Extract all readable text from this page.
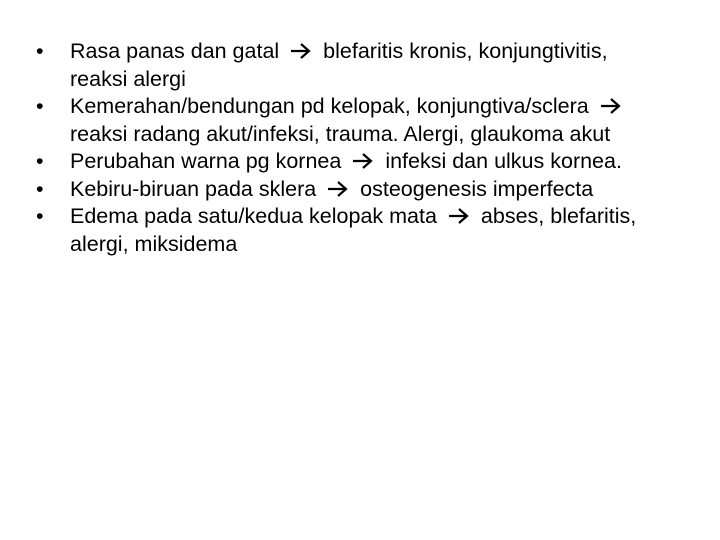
•	Rasa panas dan gatal blefaritis kronis, konjungtivitis, reaksi alergi
•	Kemerahan/bendungan pd kelopak, konjungtiva/sclera
reaksi radang akut/infeksi, trauma. Alergi, glaukoma akut
•	Perubahan warna pg kornea infeksi dan ulkus kornea.
•	Kebiru-biruan pada sklera osteogenesis imperfecta
•	Edema pada satu/kedua kelopak mata abses, blefaritis, alergi, miksidema
